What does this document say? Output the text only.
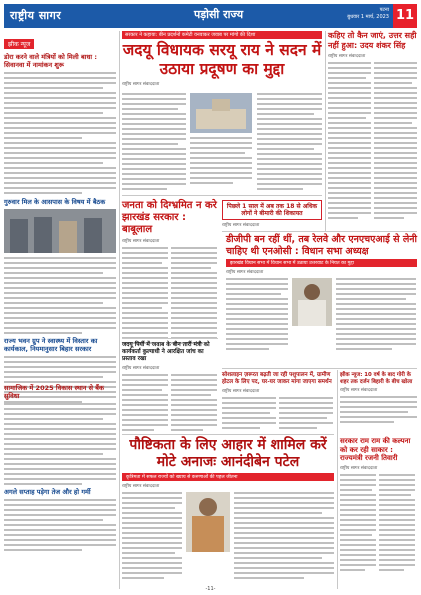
राष्ट्रीय सागर	पड़ोसी राज्य	पटना
बुधवार 1 मार्च, 2023 11
झीक न्यूज
डोरा करने वाले मंत्रियों को मिली बाधा : सिवानवा में नामांकन शुरू
गुरुवार मिल के आसपास के विषय में बैठक
राज्य भवन ग्रुप ने स्वास्थ्य में विस्तार का कार्यकाल, नियमानुसार बिहार सरकार
सामाजिक में 2025 विकास स्थान से बैंक सुविधा
अगले सप्ताह पड़ेगा तेज और हो गर्मी
सरकार ने कहाया: बीन प्रदर्शनों कमेटी वनवाकर जवाब पर मांगो की दिशा
जदयू विधायक सरयू राय ने सदन में उठाया प्रदूषण का मुद्दा
राष्ट्रीय सागर संवाददाता
कहिए तो कैन जाएं, उत्तर सही नहीं हुआ: उदय शंकर सिंह
राष्ट्रीय सागर संवाददाता
जनता को दिग्भ्रमित न करे झारखंड सरकार : बाबूलाल
राष्ट्रीय सागर संवाददाता
पिछले 1 साल में अब तक 18 से अधिक लोगों ने बीमारी की शिकायत
राष्ट्रीय सागर संवाददाता
डीजीपी बन रहीं थीं, तब रेलवे और एनएचएआई से लेनी चाहिए थी एनओसी : विधान सभा अध्यक्ष
झारखंड विधान सभा में विधान सभा में उठाया उत्तरवाट के नियत का मुद्दा
राष्ट्रीय सागर संवाददाता
जदयू पिर्यी में जवाब के बीन तारीं मंत्री को कार्यकर्ता कुल्याधी ने आरक्षित जांच का प्रस्ताव रखा
राष्ट्रीय सागर संवाददाता
सोशलाइन ज़रूरत बढ़ती जा रही पशुपालन में, ग्रामीण होटल के लिए पद, घर-घर जाकर मांगा जाएगा समर्थन
राष्ट्रीय सागर संवाददाता
झीक न्यूज: 10 वर्ष के बाद गोरी के शहर तक दर्जन बिहारी के बीच खोला
राष्ट्रीय सागर संवाददाता
पौष्टिकता के लिए आहार में शामिल करें मोटे अनाजः आनंदीबेन पटेल
कृत्रिमता में सफल राज्यों को ख्याय से करुणाओं की पहल जीतना
राष्ट्रीय सागर संवाददाता
सरकार राम राम की कल्पना को कर रही साकार : राज्यमंत्री रजनी तिवारी
राष्ट्रीय सागर संवाददाता
-11-
